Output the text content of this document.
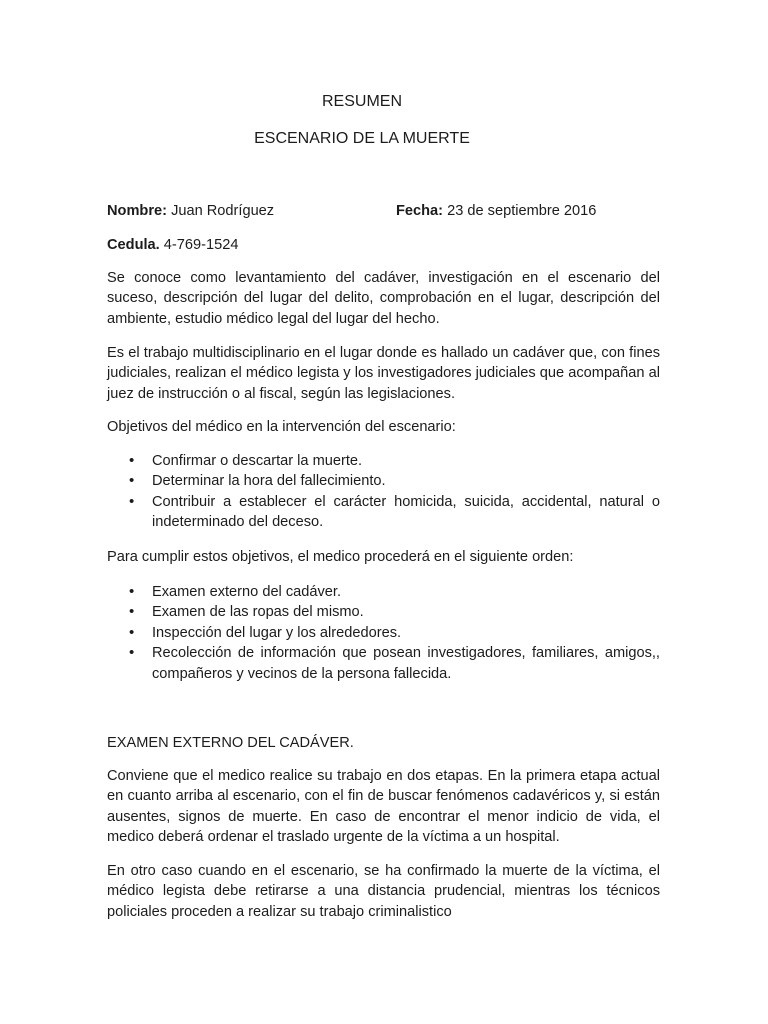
RESUMEN
ESCENARIO DE LA MUERTE
Nombre: Juan Rodríguez	Fecha: 23 de septiembre 2016
Cedula. 4-769-1524

Se conoce como levantamiento del cadáver, investigación en el escenario del suceso, descripción del lugar del delito, comprobación en el lugar, descripción del ambiente, estudio médico legal del lugar del hecho.

Es el trabajo multidisciplinario en el lugar donde es hallado un cadáver que, con fines judiciales, realizan el médico legista y los investigadores judiciales que acompañan al juez de instrucción o al fiscal, según las legislaciones.

Objetivos del médico en la intervención del escenario:

• Confirmar o descartar la muerte.
• Determinar la hora del fallecimiento.
• Contribuir a establecer el carácter homicida, suicida, accidental, natural o indeterminado del deceso.

Para cumplir estos objetivos, el medico procederá en el siguiente orden:

• Examen externo del cadáver.
• Examen de las ropas del mismo.
• Inspección del lugar y los alrededores.
• Recolección de información que posean investigadores, familiares, amigos,, compañeros y vecinos de la persona fallecida.
EXAMEN EXTERNO DEL CADÁVER.

Conviene que el medico realice su trabajo en dos etapas. En la primera etapa actual en cuanto arriba al escenario, con el fin de buscar fenómenos cadavéricos y, si están ausentes, signos de muerte. En caso de encontrar el menor indicio de vida, el medico deberá ordenar el traslado urgente de la víctima a un hospital.

En otro caso cuando en el escenario, se ha confirmado la muerte de la víctima, el médico legista debe retirarse a una distancia prudencial, mientras los técnicos policiales proceden a realizar su trabajo criminalistico
